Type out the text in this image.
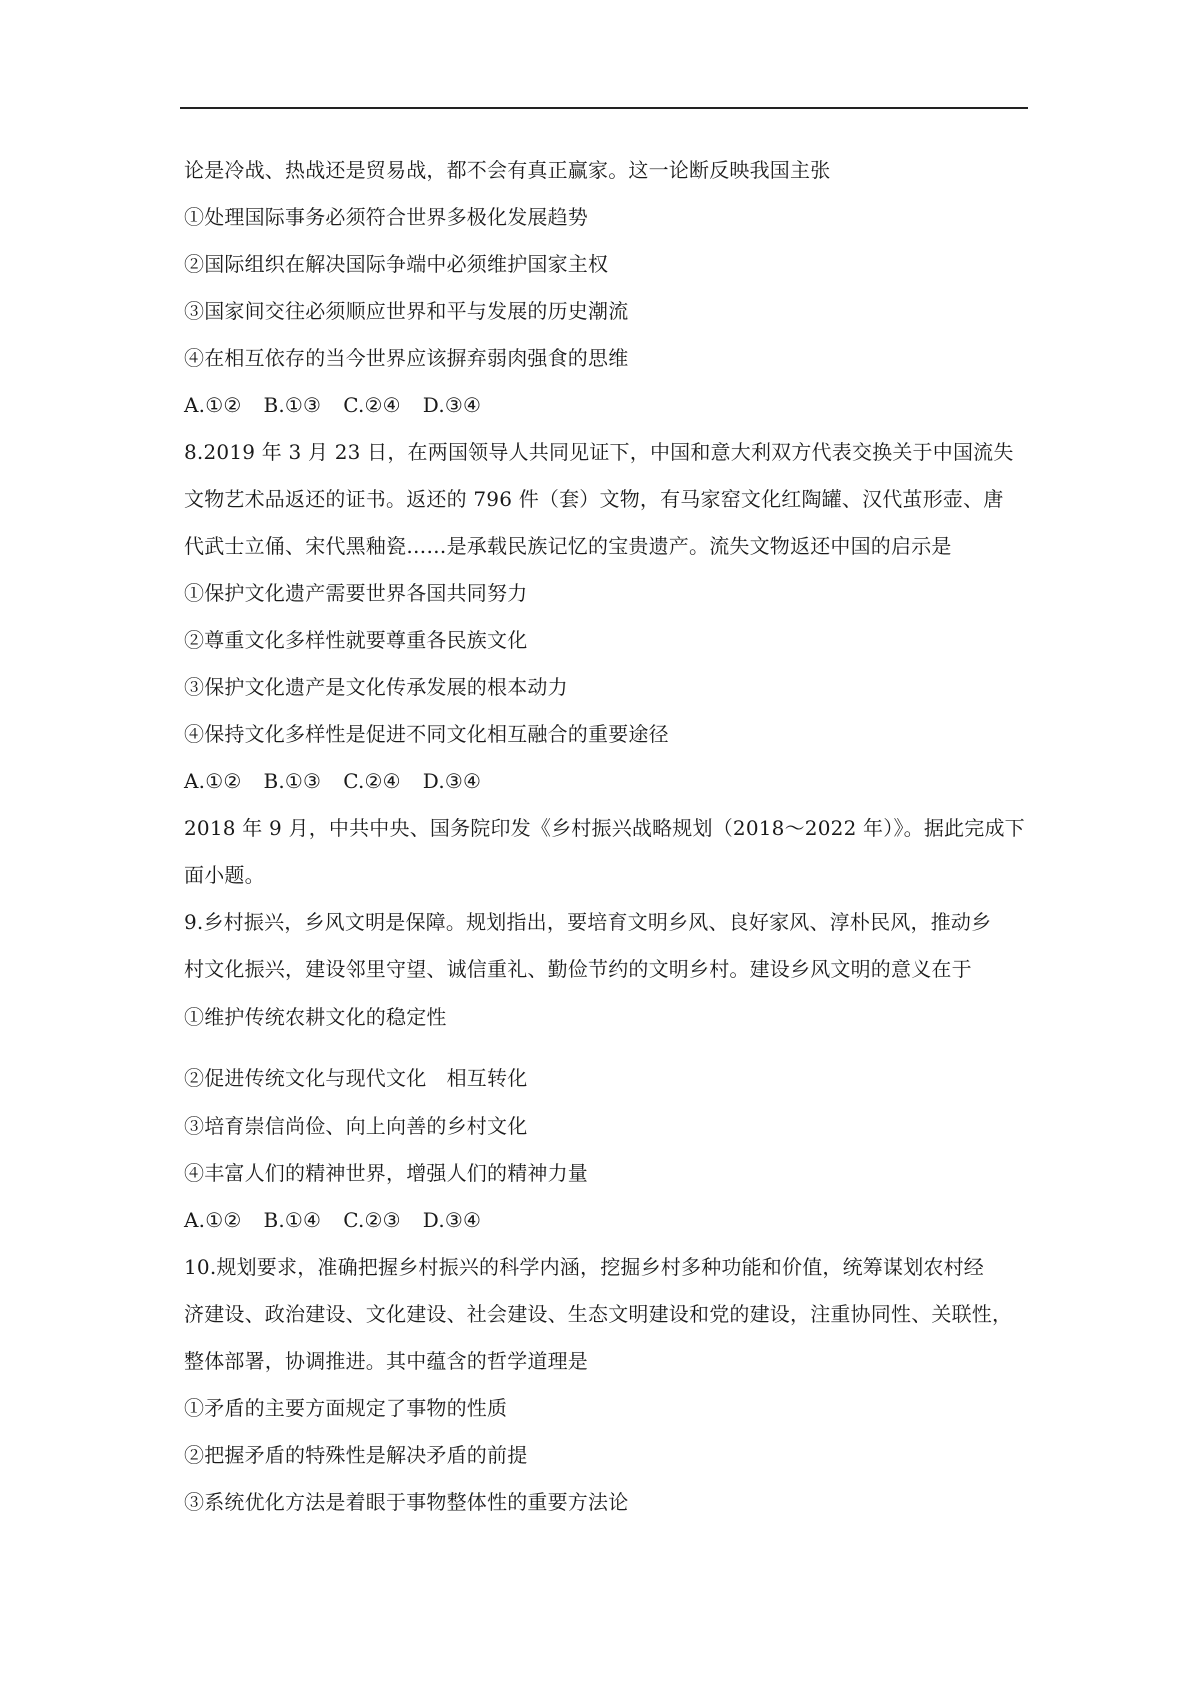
论是冷战、热战还是贸易战，都不会有真正赢家。这一论断反映我国主张
①处理国际事务必须符合世界多极化发展趋势
②国际组织在解决国际争端中必须维护国家主权
③国家间交往必须顺应世界和平与发展的历史潮流
④在相互依存的当今世界应该摒弃弱肉强食的思维
A.①② B.①③ C.②④ D.③④
8.2019 年 3 月 23 日，在两国领导人共同见证下，中国和意大利双方代表交换关于中国流失
文物艺术品返还的证书。返还的 796 件（套）文物，有马家窑文化红陶罐、汉代茧形壶、唐
代武士立俑、宋代黑釉瓷……是承载民族记忆的宝贵遗产。流失文物返还中国的启示是
①保护文化遗产需要世界各国共同努力
②尊重文化多样性就要尊重各民族文化
③保护文化遗产是文化传承发展的根本动力
④保持文化多样性是促进不同文化相互融合的重要途径
A.①② B.①③ C.②④ D.③④
2018 年 9 月，中共中央、国务院印发《乡村振兴战略规划（2018～2022 年）》。据此完成下
面小题。
9.乡村振兴，乡风文明是保障。规划指出，要培育文明乡风、良好家风、淳朴民风，推动乡
村文化振兴，建设邻里守望、诚信重礼、勤俭节约的文明乡村。建设乡风文明的意义在于
①维护传统农耕文化的稳定性
②促进传统文化与现代文化　相互转化
③培育崇信尚俭、向上向善的乡村文化
④丰富人们的精神世界，增强人们的精神力量
A.①② B.①④ C.②③ D.③④
10.规划要求，准确把握乡村振兴的科学内涵，挖掘乡村多种功能和价值，统筹谋划农村经
济建设、政治建设、文化建设、社会建设、生态文明建设和党的建设，注重协同性、关联性，
整体部署，协调推进。其中蕴含的哲学道理是
①矛盾的主要方面规定了事物的性质
②把握矛盾的特殊性是解决矛盾的前提
③系统优化方法是着眼于事物整体性的重要方法论
